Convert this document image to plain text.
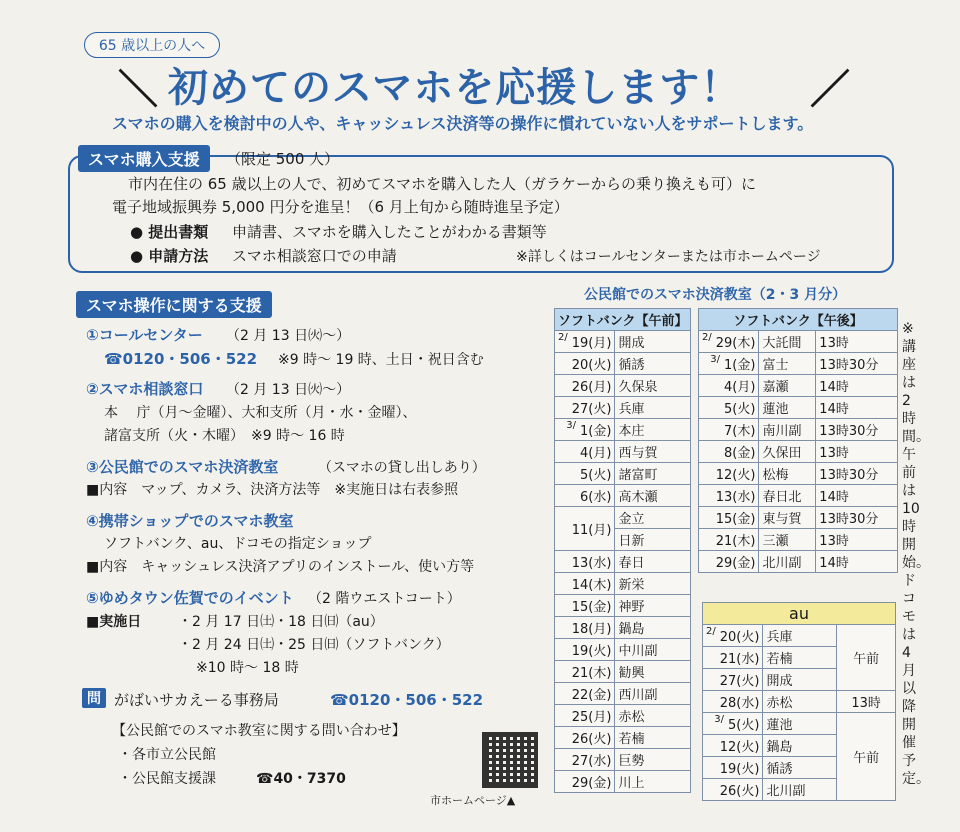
65 歳以上の人へ
＼ 初めてのスマホを応援します！ ／
スマホの購入を検討中の人や、キャッシュレス決済等の操作に慣れていない人をサポートします。
スマホ購入支援	（限定 500 人）
市内在住の 65 歳以上の人で、初めてスマホを購入した人（ガラケーからの乗り換えも可）に
電子地域振興券 5,000 円分を進呈！（6 月上旬から随時進呈予定）
● 提出書類 申請書、スマホを購入したことがわかる書類等
● 申請方法 スマホ相談窓口での申請	※詳しくはコールセンターまたは市ホームページ
スマホ操作に関する支援
①コールセンター （2 月 13 日㈫～）
☎0120・506・522 ※9 時～ 19 時、土日・祝日含む
②スマホ相談窓口 （2 月 13 日㈫～）
本　 庁（月～金曜）、大和支所（月・水・金曜）、
諸富支所（火・木曜）　※9 時～ 16 時
③公民館でのスマホ決済教室	（スマホの貸し出しあり）
■内容　マップ、カメラ、決済方法等　※実施日は右表参照
④携帯ショップでのスマホ教室
ソフトバンク、au、ドコモの指定ショップ
■内容　キャッシュレス決済アプリのインストール、使い方等
⑤ゆめタウン佐賀でのイベント （2 階ウエストコート）
■実施日	・2 月 17 日㈯・18 日㈰（au）
・2 月 24 日㈯・25 日㈰（ソフトバンク）
※10 時～ 18 時
問 がばいサカえーる事務局	☎0120・506・522
【公民館でのスマホ教室に関する問い合わせ】
・各市立公民館
・公民館支援課	☎40・7370
市ホームページ▲
公民館でのスマホ決済教室（2・3 月分）
ソフトバンク【午前】	
$^{2/}$ 19(月)	開成
20(火)	循誘
26(月)	久保泉
27(火)	兵庫
$^{3/}$ 1(金)	本庄
4(月)	西与賀
5(火)	諸富町
6(水)	高木瀬
11(月)	金立
	日新
13(水)	春日
14(木)	新栄
15(金)	神野
18(月)	鍋島
19(火)	中川副
21(木)	勧興
22(金)	西川副
25(月)	赤松
26(火)	若楠
27(水)	巨勢
29(金)	川上
ソフトバンク【午後】		
$^{2/}$ 29(木)	大託間	13時
$^{3/}$ 1(金)	富士	13時30分
4(月)	嘉瀬	14時
5(火)	蓮池	14時
7(木)	南川副	13時30分
8(金)	久保田	13時
12(火)	松梅	13時30分
13(水)	春日北	14時
15(金)	東与賀	13時30分
21(木)	三瀬	13時
29(金)	北川副	14時
au		
$^{2/}$ 20(火)	兵庫	午前
21(水)	若楠	
27(火)	開成	
28(水)	赤松	13時
$^{3/}$ 5(火)	蓮池	午前
12(火)	鍋島	
19(火)	循誘	
26(火)	北川副	
※講座は2時間。午前は10時開始。ドコモは4月以降開催予定。
